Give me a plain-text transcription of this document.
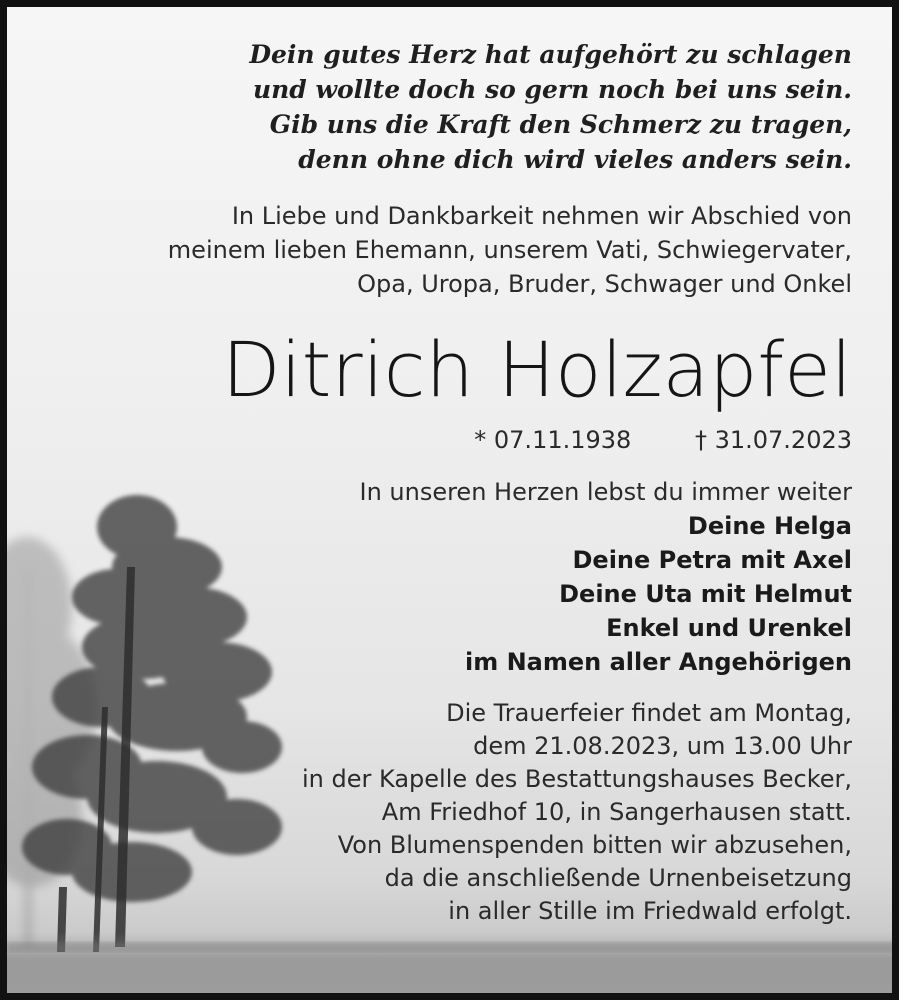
Dein gutes Herz hat aufgehört zu schlagen
und wollte doch so gern noch bei uns sein.
Gib uns die Kraft den Schmerz zu tragen,
denn ohne dich wird vieles anders sein.
In Liebe und Dankbarkeit nehmen wir Abschied von
meinem lieben Ehemann, unserem Vati, Schwiegervater,
Opa, Uropa, Bruder, Schwager und Onkel
Ditrich Holzapfel
* 07.11.1938	† 31.07.2023
In unseren Herzen lebst du immer weiter
Deine Helga
Deine Petra mit Axel
Deine Uta mit Helmut
Enkel und Urenkel
im Namen aller Angehörigen
Die Trauerfeier findet am Montag,
dem 21.08.2023, um 13.00 Uhr
in der Kapelle des Bestattungshauses Becker,
Am Friedhof 10, in Sangerhausen statt.
Von Blumenspenden bitten wir abzusehen,
da die anschließende Urnenbeisetzung
in aller Stille im Friedwald erfolgt.
